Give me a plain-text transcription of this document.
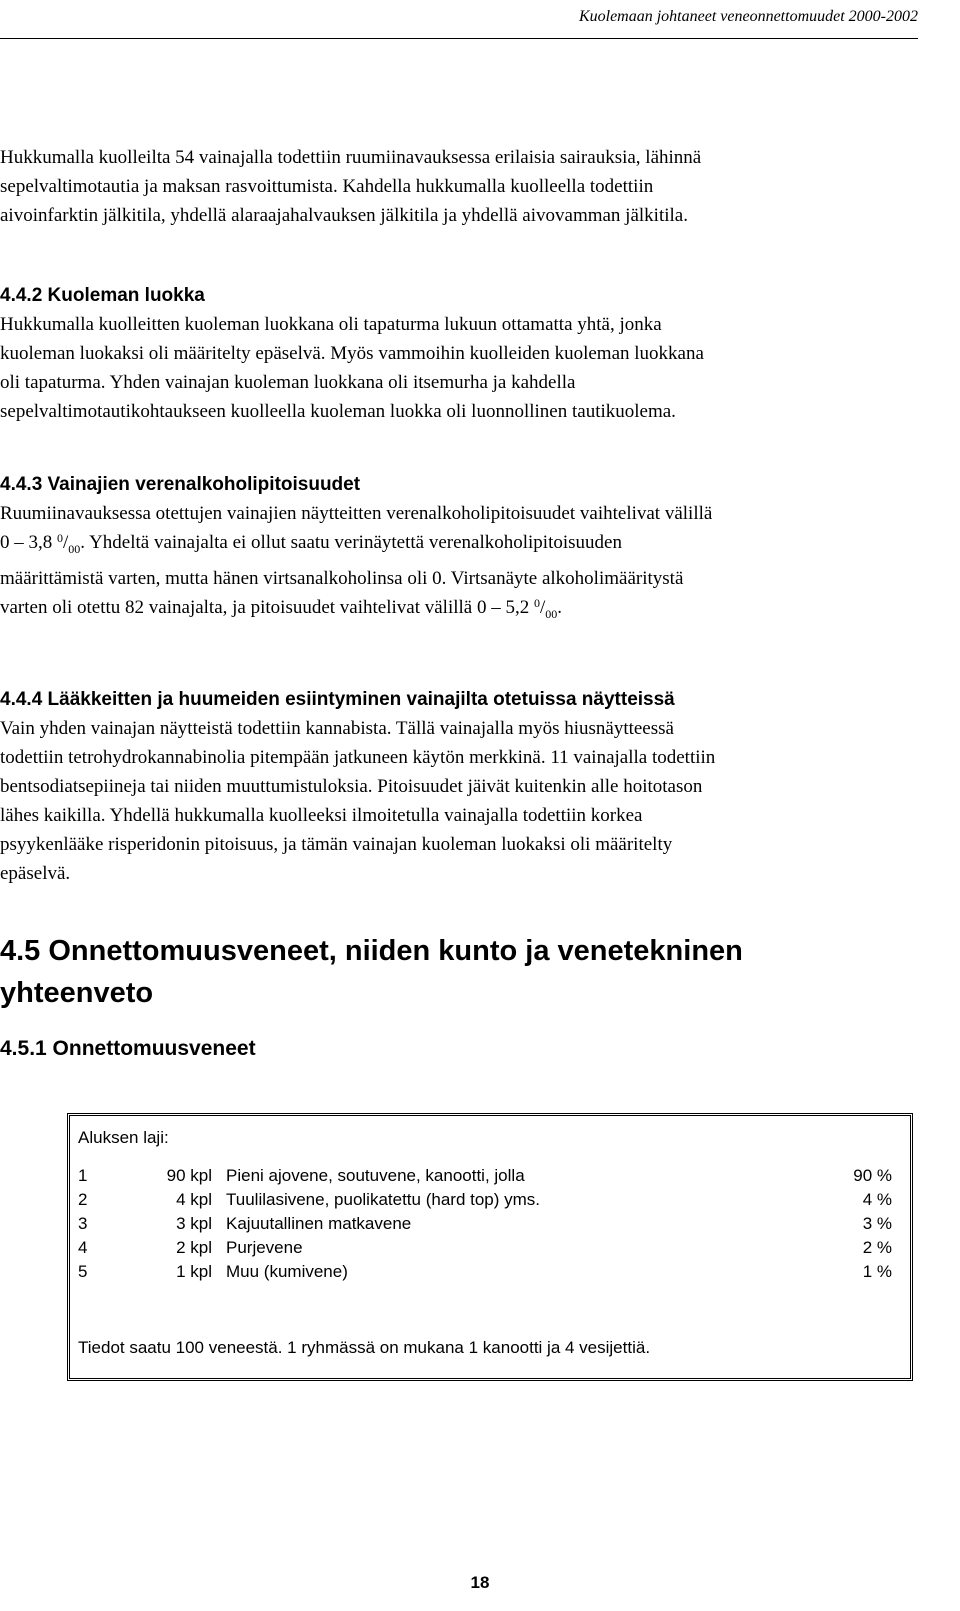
Kuolemaan johtaneet veneonnettomuudet 2000-2002

Hukkumalla kuolleilta 54 vainajalla todettiin ruumiinavauksessa erilaisia sairauksia, lähinnä

sepelvaltimotautia ja maksan rasvoittumista. Kahdella hukkumalla kuolleella todettiin

aivoinfarktin jälkitila, yhdellä alaraajahalvauksen jälkitila ja yhdellä aivovamman jälkitila.

4.4.2 Kuoleman luokka

Hukkumalla kuolleitten kuoleman luokkana oli tapaturma lukuun ottamatta yhtä, jonka

kuoleman luokaksi oli määritelty epäselvä. Myös vammoihin kuolleiden kuoleman luokkana

oli tapaturma. Yhden vainajan kuoleman luokkana oli itsemurha ja kahdella

sepelvaltimotautikohtaukseen kuolleella kuoleman luokka oli luonnollinen tautikuolema.

4.4.3 Vainajien verenalkoholipitoisuudet

Ruumiinavauksessa otettujen vainajien näytteitten verenalkoholipitoisuudet vaihtelivat välillä

0 – 3,8 $^0/_{00}$. Yhdeltä vainajalta ei ollut saatu verinäytettä verenalkoholipitoisuuden

määrittämistä varten, mutta hänen virtsanalkoholinsa oli 0. Virtsanäyte alkoholimääritystä

varten oli otettu 82 vainajalta, ja pitoisuudet vaihtelivat välillä 0 – 5,2 $^0/_{00}$.

4.4.4 Lääkkeitten ja huumeiden esiintyminen vainajilta otetuissa näytteissä

Vain yhden vainajan näytteistä todettiin kannabista. Tällä vainajalla myös hiusnäytteessä

todettiin tetrohydrokannabinolia pitempään jatkuneen käytön merkkinä. 11 vainajalla todettiin

bentsodiatsepiineja tai niiden muuttumistuloksia. Pitoisuudet jäivät kuitenkin alle hoitotason

lähes kaikilla. Yhdellä hukkumalla kuolleeksi ilmoitetulla vainajalla todettiin korkea

psyykenlääke risperidonin pitoisuus, ja tämän vainajan kuoleman luokaksi oli määritelty

epäselvä.

4.5 Onnettomuusveneet, niiden kunto ja venetekninen

yhteenveto

4.5.1 Onnettomuusveneet

Aluksen laji:
1	90 kpl Pieni ajovene, soutuvene, kanootti, jolla	90 %
2	4 kpl Tuulilasivene, puolikatettu (hard top) yms.	4 %
3	3 kpl Kajuutallinen matkavene	3 %
4	2 kpl Purjevene	2 %
5	1 kpl Muu (kumivene)	1 %
Tiedot saatu 100 veneestä. 1 ryhmässä on mukana 1 kanootti ja 4 vesijettiä.
18
